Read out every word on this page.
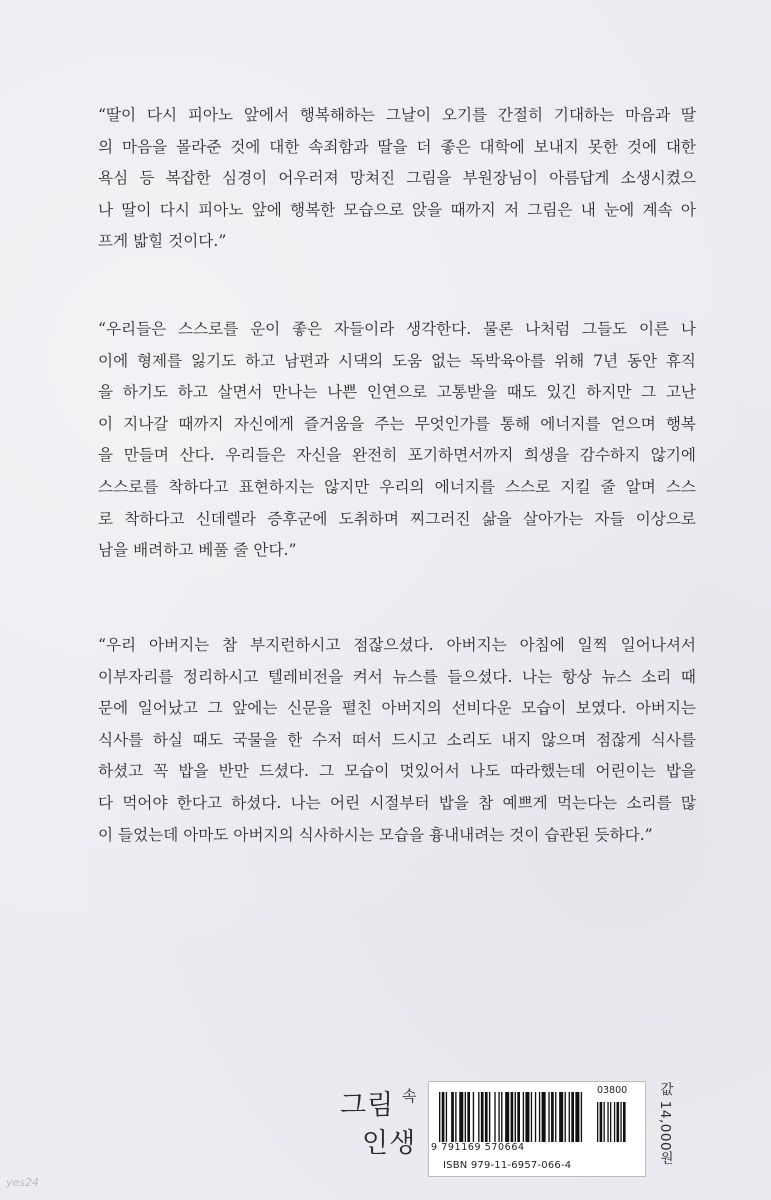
“딸이 다시 피아노 앞에서 행복해하는 그날이 오기를 간절히 기대하는 마음과 딸
의 마음을 몰라준 것에 대한 속죄함과 딸을 더 좋은 대학에 보내지 못한 것에 대한
욕심 등 복잡한 심경이 어우러져 망쳐진 그림을 부원장님이 아름답게 소생시켰으
나 딸이 다시 피아노 앞에 행복한 모습으로 앉을 때까지 저 그림은 내 눈에 계속 아
프게 밟힐 것이다.”

“우리들은 스스로를 운이 좋은 자들이라 생각한다. 물론 나처럼 그들도 이른 나
이에 형제를 잃기도 하고 남편과 시댁의 도움 없는 독박육아를 위해 7년 동안 휴직
을 하기도 하고 살면서 만나는 나쁜 인연으로 고통받을 때도 있긴 하지만 그 고난
이 지나갈 때까지 자신에게 즐거움을 주는 무엇인가를 통해 에너지를 얻으며 행복
을 만들며 산다. 우리들은 자신을 완전히 포기하면서까지 희생을 감수하지 않기에
스스로를 착하다고 표현하지는 않지만 우리의 에너지를 스스로 지킬 줄 알며 스스
로 착하다고 신데렐라 증후군에 도취하며 찌그러진 삶을 살아가는 자들 이상으로
남을 배려하고 베풀 줄 안다.”

“우리 아버지는 참 부지런하시고 점잖으셨다. 아버지는 아침에 일찍 일어나셔서
이부자리를 정리하시고 텔레비전을 켜서 뉴스를 들으셨다. 나는 항상 뉴스 소리 때
문에 일어났고 그 앞에는 신문을 펼친 아버지의 선비다운 모습이 보였다. 아버지는
식사를 하실 때도 국물을 한 수저 떠서 드시고 소리도 내지 않으며 점잖게 식사를
하셨고 꼭 밥을 반만 드셨다. 그 모습이 멋있어서 나도 따라했는데 어린이는 밥을
다 먹어야 한다고 하셨다. 나는 어린 시절부터 밥을 참 예쁘게 먹는다는 소리를 많
이 들었는데 아마도 아버지의 식사하시는 모습을 흉내내려는 것이 습관된 듯하다.”

그림 속
인생
03800
9 791169 570664
ISBN 979-11-6957-066-4
값 14,000원
yes24
